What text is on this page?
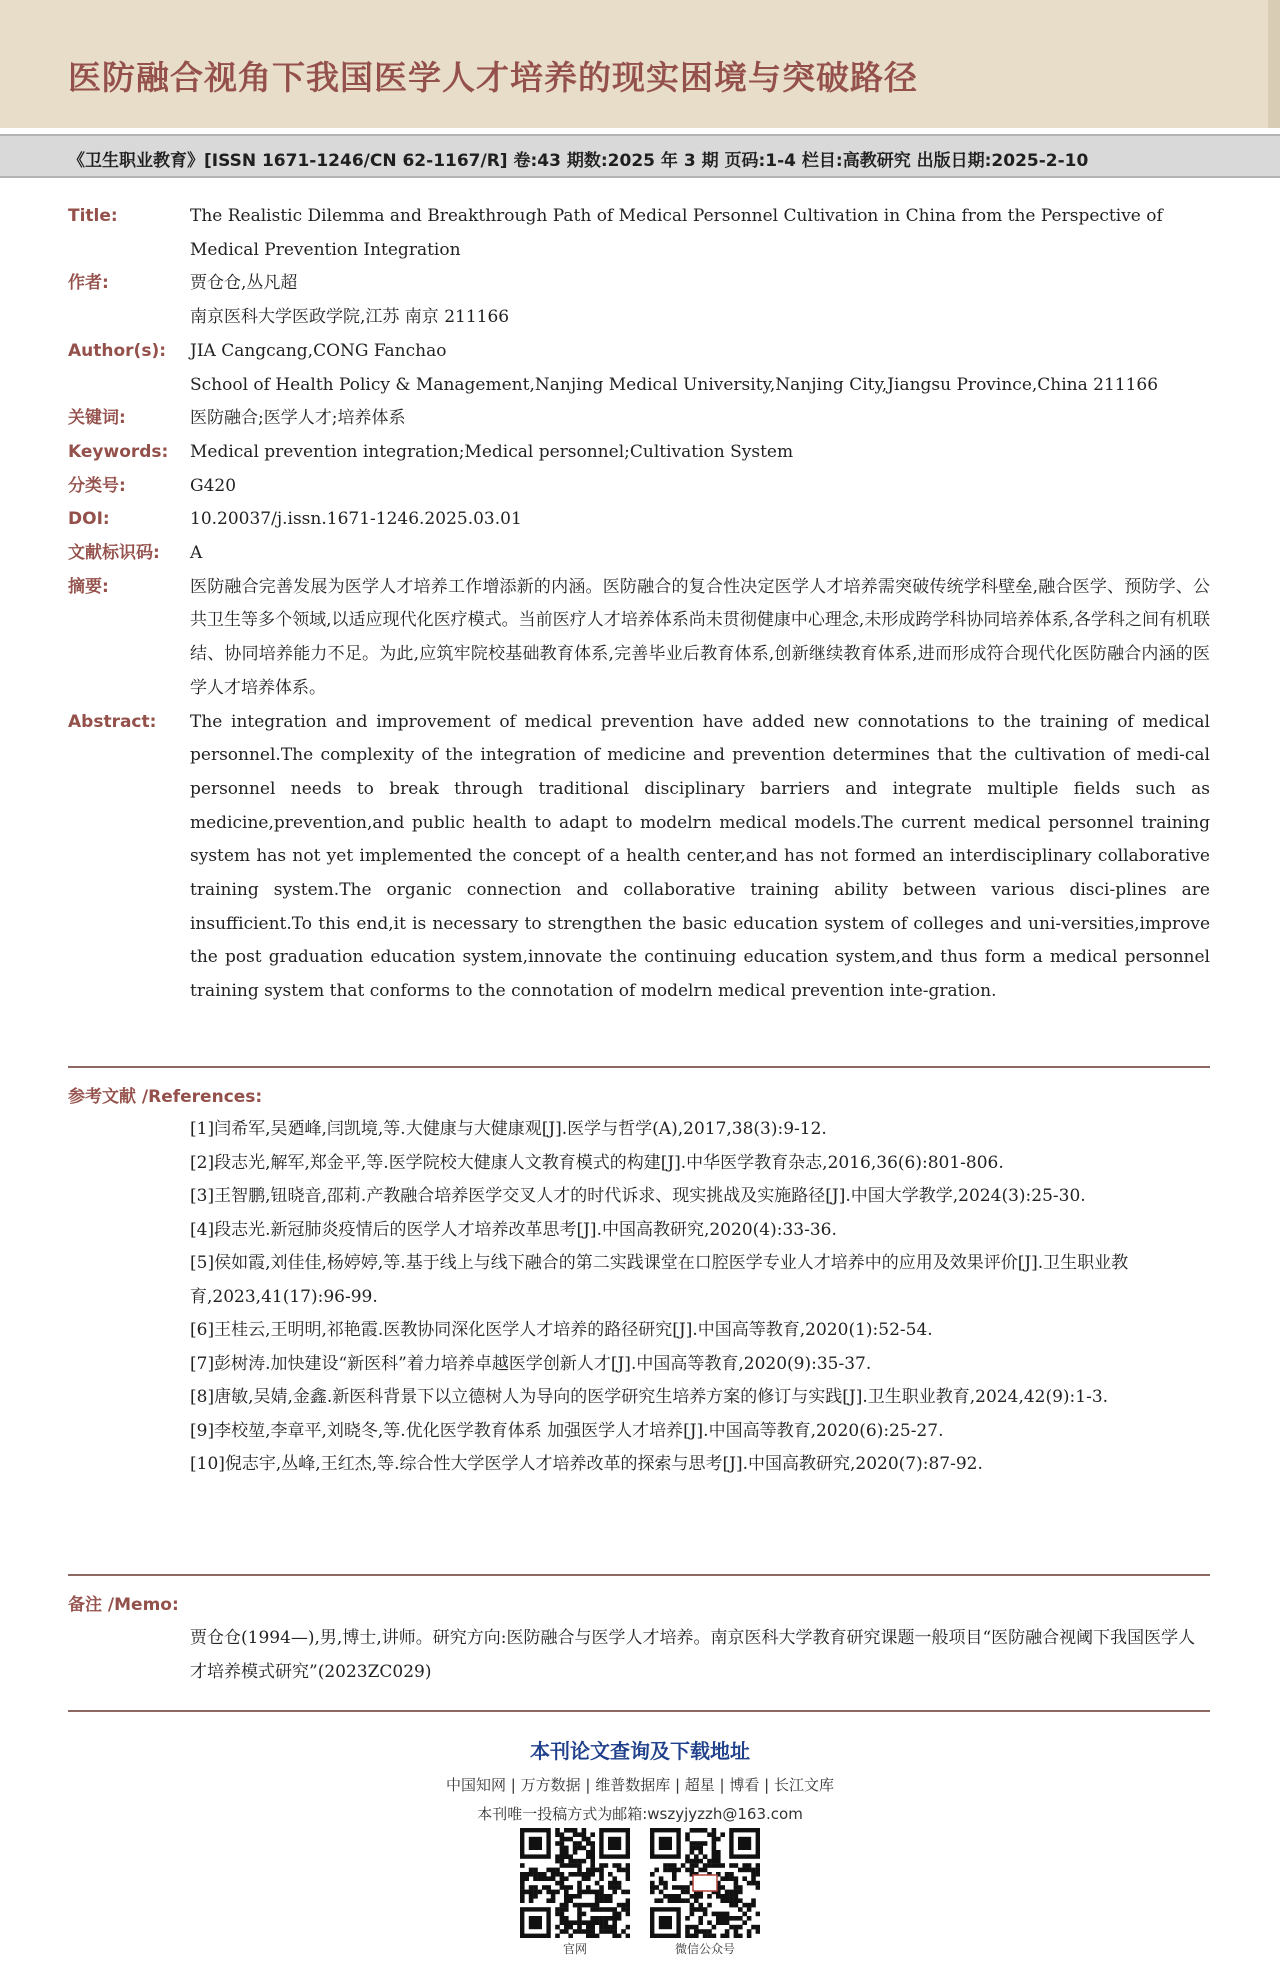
医防融合视角下我国医学人才培养的现实困境与突破路径
《卫生职业教育》[ISSN 1671-1246/CN 62-1167/R] 卷:43 期数:2025 年 3 期 页码:1-4 栏目:高教研究 出版日期:2025-2-10
Title:	The Realistic Dilemma and Breakthrough Path of Medical Personnel Cultivation in China from the Perspective of Medical Prevention Integration
作者:	贾仓仓,丛凡超
南京医科大学医政学院,江苏 南京 211166
Author(s):	JIA Cangcang,CONG Fanchao
School of Health Policy & Management,Nanjing Medical University,Nanjing City,Jiangsu Province,China 211166
关键词:	医防融合;医学人才;培养体系
Keywords:	Medical prevention integration;Medical personnel;Cultivation System
分类号:	G420
DOI:	10.20037/j.issn.1671-1246.2025.03.01
文献标识码:	A
摘要:	医防融合完善发展为医学人才培养工作增添新的内涵。医防融合的复合性决定医学人才培养需突破传统学科壁垒,融合医学、预防学、公共卫生等多个领域,以适应现代化医疗模式。当前医疗人才培养体系尚未贯彻健康中心理念,未形成跨学科协同培养体系,各学科之间有机联结、协同培养能力不足。为此,应筑牢院校基础教育体系,完善毕业后教育体系,创新继续教育体系,进而形成符合现代化医防融合内涵的医学人才培养体系。
Abstract:	The integration and improvement of medical prevention have added new connotations to the training of medical personnel.The complexity of the integration of medicine and prevention determines that the cultivation of medi-cal personnel needs to break through traditional disciplinary barriers and integrate multiple fields such as medicine,prevention,and public health to adapt to modelrn medical models.The current medical personnel training system has not yet implemented the concept of a health center,and has not formed an interdisciplinary collaborative training system.The organic connection and collaborative training ability between various disci-plines are insufficient.To this end,it is necessary to strengthen the basic education system of colleges and uni-versities,improve the post graduation education system,innovate the continuing education system,and thus form a medical personnel training system that conforms to the connotation of modelrn medical prevention inte-gration.
参考文献 /References:
[1]闫希军,吴廼峰,闫凯境,等.大健康与大健康观[J].医学与哲学(A),2017,38(3):9-12.
[2]段志光,解军,郑金平,等.医学院校大健康人文教育模式的构建[J].中华医学教育杂志,2016,36(6):801-806.
[3]王智鹏,钮晓音,邵莉.产教融合培养医学交叉人才的时代诉求、现实挑战及实施路径[J].中国大学教学,2024(3):25-30.
[4]段志光.新冠肺炎疫情后的医学人才培养改革思考[J].中国高教研究,2020(4):33-36.
[5]侯如霞,刘佳佳,杨婷婷,等.基于线上与线下融合的第二实践课堂在口腔医学专业人才培养中的应用及效果评价[J].卫生职业教育,2023,41(17):96-99.
[6]王桂云,王明明,祁艳霞.医教协同深化医学人才培养的路径研究[J].中国高等教育,2020(1):52-54.
[7]彭树涛.加快建设“新医科”着力培养卓越医学创新人才[J].中国高等教育,2020(9):35-37.
[8]唐敏,吴婧,金鑫.新医科背景下以立德树人为导向的医学研究生培养方案的修订与实践[J].卫生职业教育,2024,42(9):1-3.
[9]李校堃,李章平,刘晓冬,等.优化医学教育体系 加强医学人才培养[J].中国高等教育,2020(6):25-27.
[10]倪志宇,丛峰,王红杰,等.综合性大学医学人才培养改革的探索与思考[J].中国高教研究,2020(7):87-92.
备注 /Memo:
贾仓仓(1994—),男,博士,讲师。研究方向:医防融合与医学人才培养。南京医科大学教育研究课题一般项目“医防融合视阈下我国医学人才培养模式研究”(2023ZC029)
本刊论文查询及下载地址
中国知网 | 万方数据 | 维普数据库 | 超星 | 博看 | 长江文库
本刊唯一投稿方式为邮箱:wszyjyzzh@163.com
官网	微信公众号
